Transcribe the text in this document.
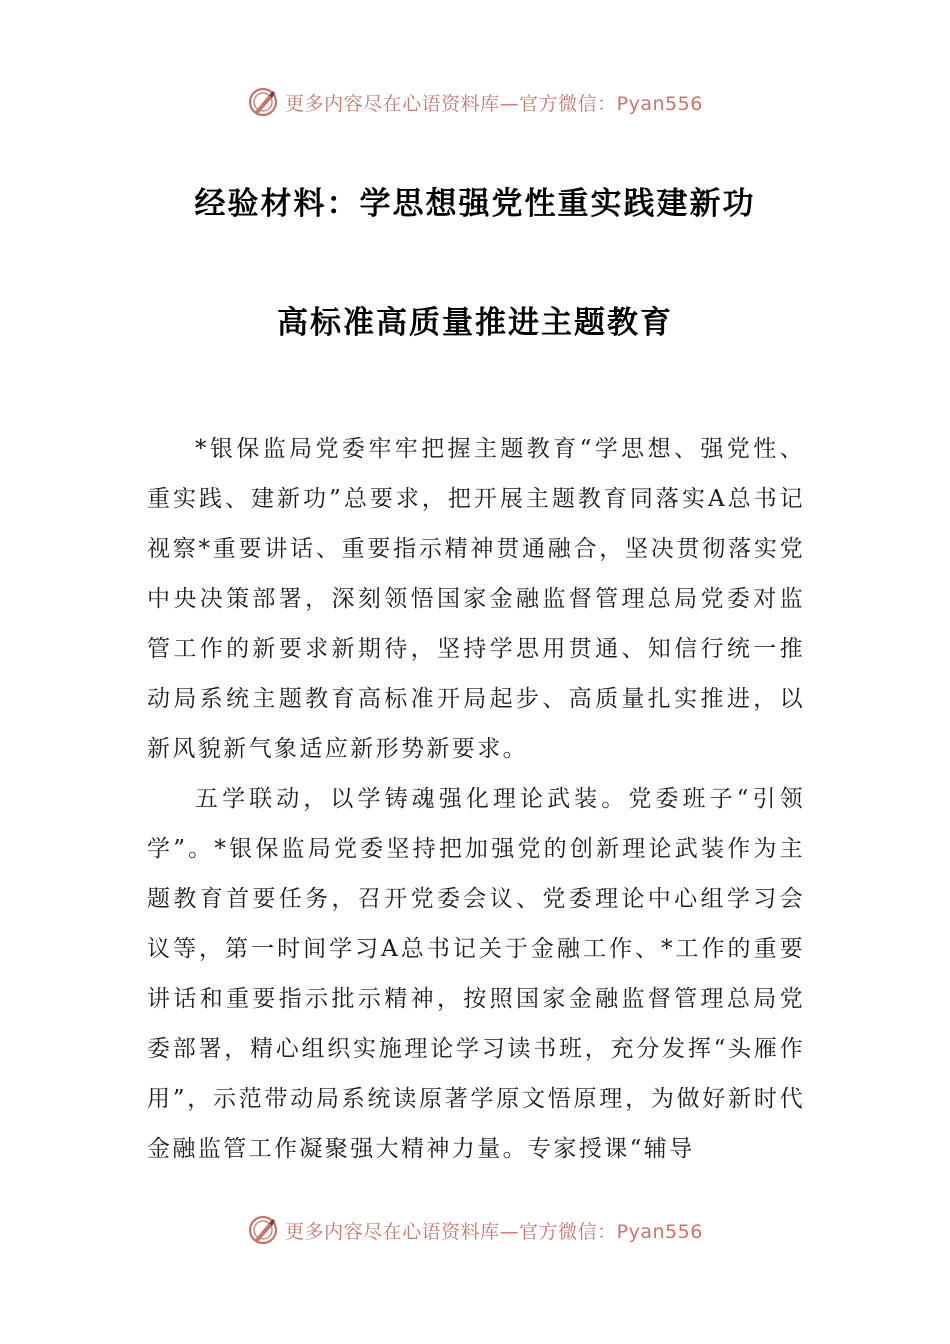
更多内容尽在心语资料库—官方微信：Pyan556
经验材料：学思想强党性重实践建新功
高标准高质量推进主题教育

*银保监局党委牢牢把握主题教育“学思想、强党性、重实践、建新功”总要求，把开展主题教育同落实A总书记视察*重要讲话、重要指示精神贯通融合，坚决贯彻落实党中央决策部署，深刻领悟国家金融监督管理总局党委对监管工作的新要求新期待，坚持学思用贯通、知信行统一推动局系统主题教育高标准开局起步、高质量扎实推进，以新风貌新气象适应新形势新要求。

五学联动，以学铸魂强化理论武装。党委班子“引领学”。*银保监局党委坚持把加强党的创新理论武装作为主题教育首要任务，召开党委会议、党委理论中心组学习会议等，第一时间学习A总书记关于金融工作、*工作的重要讲话和重要指示批示精神，按照国家金融监督管理总局党委部署，精心组织实施理论学习读书班，充分发挥“头雁作用”，示范带动局系统读原著学原文悟原理，为做好新时代金融监管工作凝聚强大精神力量。专家授课“辅导

更多内容尽在心语资料库—官方微信：Pyan556
